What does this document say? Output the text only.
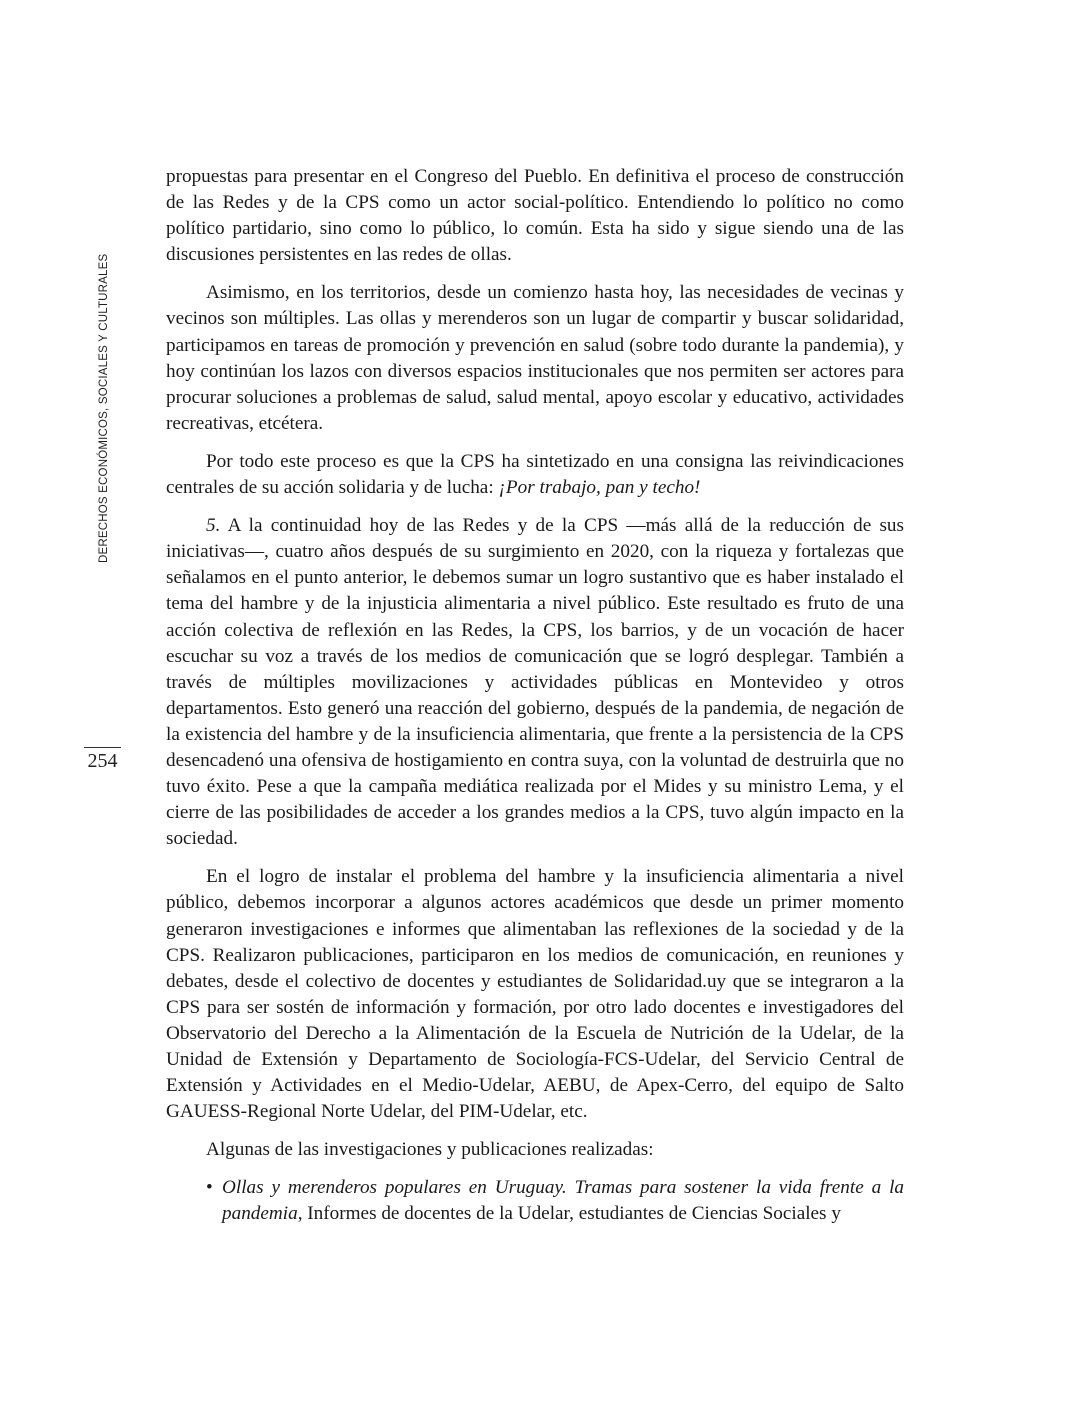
DERECHOS ECONÓMICOS, SOCIALES Y CULTURALES
254

propuestas para presentar en el Congreso del Pueblo. En definitiva el proceso de construcción de las Redes y de la CPS como un actor social-político. Entendiendo lo político no como político partidario, sino como lo público, lo común. Esta ha sido y sigue siendo una de las discusiones persistentes en las redes de ollas.

Asimismo, en los territorios, desde un comienzo hasta hoy, las necesidades de vecinas y vecinos son múltiples. Las ollas y merenderos son un lugar de compartir y buscar solidaridad, participamos en tareas de promoción y prevención en salud (sobre todo durante la pandemia), y hoy continúan los lazos con diversos espacios institucionales que nos permiten ser actores para procurar soluciones a problemas de salud, salud mental, apoyo escolar y educativo, actividades recreativas, etcétera.

Por todo este proceso es que la CPS ha sintetizado en una consigna las reivindicaciones centrales de su acción solidaria y de lucha: ¡Por trabajo, pan y techo!

5. A la continuidad hoy de las Redes y de la CPS —más allá de la reducción de sus iniciativas—, cuatro años después de su surgimiento en 2020, con la riqueza y fortalezas que señalamos en el punto anterior, le debemos sumar un logro sustantivo que es haber instalado el tema del hambre y de la injusticia alimentaria a nivel público. Este resultado es fruto de una acción colectiva de reflexión en las Redes, la CPS, los barrios, y de un vocación de hacer escuchar su voz a través de los medios de comunicación que se logró desplegar. También a través de múltiples movilizaciones y actividades públicas en Montevideo y otros departamentos. Esto generó una reacción del gobierno, después de la pandemia, de negación de la existencia del hambre y de la insuficiencia alimentaria, que frente a la persistencia de la CPS desencadenó una ofensiva de hostigamiento en contra suya, con la voluntad de destruirla que no tuvo éxito. Pese a que la campaña mediática realizada por el Mides y su ministro Lema, y el cierre de las posibilidades de acceder a los grandes medios a la CPS, tuvo algún impacto en la sociedad.

En el logro de instalar el problema del hambre y la insuficiencia alimentaria a nivel público, debemos incorporar a algunos actores académicos que desde un primer momento generaron investigaciones e informes que alimentaban las reflexiones de la sociedad y de la CPS. Realizaron publicaciones, participaron en los medios de comunicación, en reuniones y debates, desde el colectivo de docentes y estudiantes de Solidaridad.uy que se integraron a la CPS para ser sostén de información y formación, por otro lado docentes e investigadores del Observatorio del Derecho a la Alimentación de la Escuela de Nutrición de la Udelar, de la Unidad de Extensión y Departamento de Sociología-FCS-Udelar, del Servicio Central de Extensión y Actividades en el Medio-Udelar, AEBU, de Apex-Cerro, del equipo de Salto GAUESS-Regional Norte Udelar, del PIM-Udelar, etc.

Algunas de las investigaciones y publicaciones realizadas:

• Ollas y merenderos populares en Uruguay. Tramas para sostener la vida frente a la pandemia, Informes de docentes de la Udelar, estudiantes de Ciencias Sociales y
